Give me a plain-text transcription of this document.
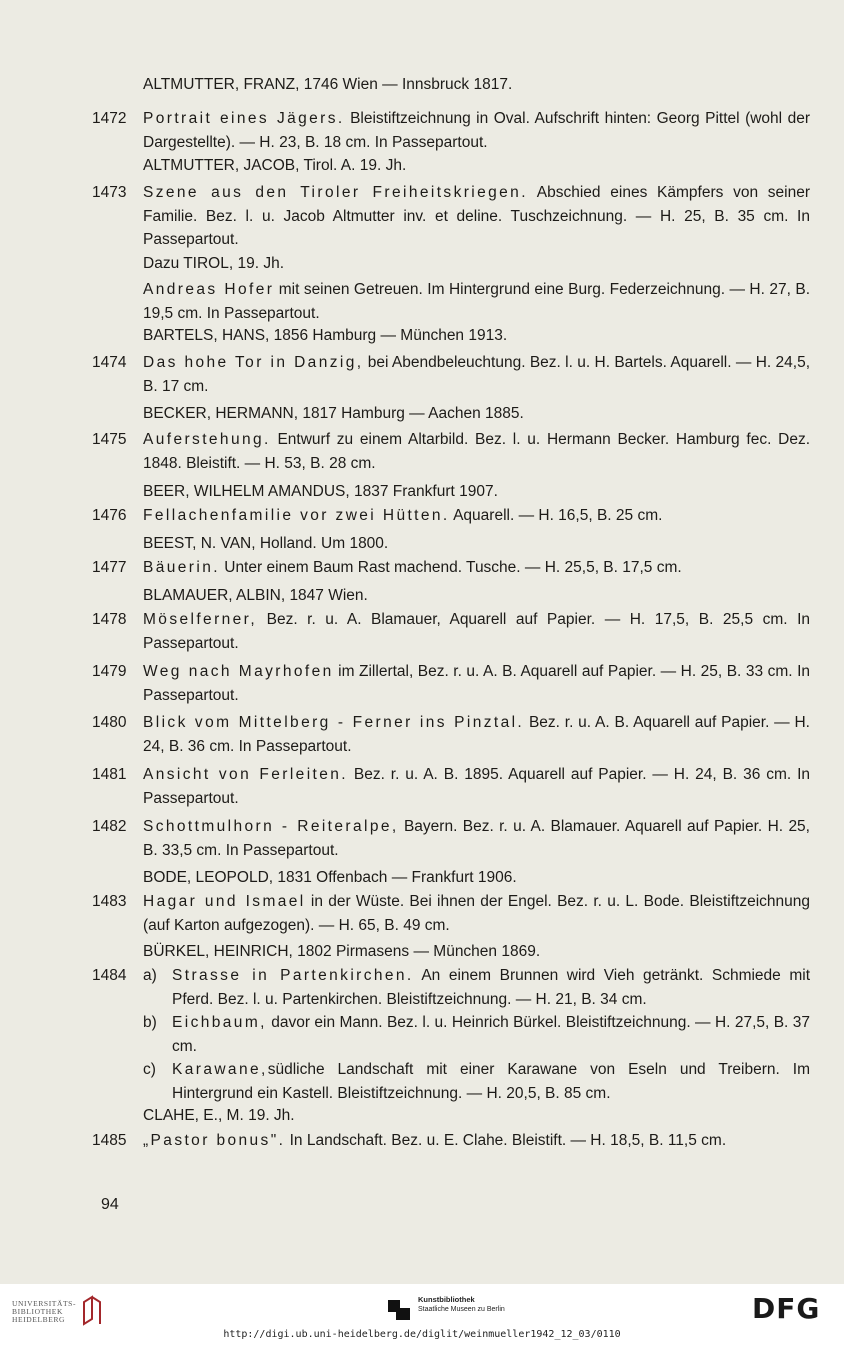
ALTMUTTER, FRANZ, 1746 Wien — Innsbruck 1817.
1472	Portrait eines Jägers. Bleistiftzeichnung in Oval. Aufschrift hinten: Georg Pittel (wohl der Dargestellte). — H. 23, B. 18 cm. In Passepartout.
ALTMUTTER, JACOB, Tirol. A. 19. Jh.
1473	Szene aus den Tiroler Freiheitskriegen. Abschied eines Kämpfers von seiner Familie. Bez. l. u. Jacob Altmutter inv. et deline. Tuschzeichnung. — H. 25, B. 35 cm. In Passepartout.
Dazu TIROL, 19. Jh.
Andreas Hofer mit seinen Getreuen. Im Hintergrund eine Burg. Federzeichnung. — H. 27, B. 19,5 cm. In Passepartout.
BARTELS, HANS, 1856 Hamburg — München 1913.
1474	Das hohe Tor in Danzig, bei Abendbeleuchtung. Bez. l. u. H. Bartels. Aquarell. — H. 24,5, B. 17 cm.
BECKER, HERMANN, 1817 Hamburg — Aachen 1885.
1475	Auferstehung. Entwurf zu einem Altarbild. Bez. l. u. Hermann Becker. Hamburg fec. Dez. 1848. Bleistift. — H. 53, B. 28 cm.
BEER, WILHELM AMANDUS, 1837 Frankfurt 1907.
1476	Fellachenfamilie vor zwei Hütten. Aquarell. — H. 16,5, B. 25 cm.
BEEST, N. VAN, Holland. Um 1800.
1477	Bäuerin. Unter einem Baum Rast machend. Tusche. — H. 25,5, B. 17,5 cm.
BLAMAUER, ALBIN, 1847 Wien.
1478	Möselferner, Bez. r. u. A. Blamauer, Aquarell auf Papier. — H. 17,5, B. 25,5 cm. In Passepartout.
1479	Weg nach Mayrhofen im Zillertal, Bez. r. u. A. B. Aquarell auf Papier. — H. 25, B. 33 cm. In Passepartout.
1480	Blick vom Mittelberg - Ferner ins Pinztal. Bez. r. u. A. B. Aquarell auf Papier. — H. 24, B. 36 cm. In Passepartout.
1481	Ansicht von Ferleiten. Bez. r. u. A. B. 1895. Aquarell auf Papier. — H. 24, B. 36 cm. In Passepartout.
1482	Schottmulhorn - Reiteralpe, Bayern. Bez. r. u. A. Blamauer. Aquarell auf Papier. H. 25, B. 33,5 cm. In Passepartout.
BODE, LEOPOLD, 1831 Offenbach — Frankfurt 1906.
1483	Hagar und Ismael in der Wüste. Bei ihnen der Engel. Bez. r. u. L. Bode. Bleistiftzeichnung (auf Karton aufgezogen). — H. 65, B. 49 cm.
BÜRKEL, HEINRICH, 1802 Pirmasens — München 1869.
1484	a) Strasse in Partenkirchen. An einem Brunnen wird Vieh getränkt. Schmiede mit Pferd. Bez. l. u. Partenkirchen. Bleistiftzeichnung. — H. 21, B. 34 cm.
b) Eichbaum, davor ein Mann. Bez. l. u. Heinrich Bürkel. Bleistiftzeichnung. — H. 27,5, B. 37 cm.
c) Karawane,südliche Landschaft mit einer Karawane von Eseln und Treibern. Im Hintergrund ein Kastell. Bleistiftzeichnung. — H. 20,5, B. 85 cm.
CLAHE, E., M. 19. Jh.
1485	„Pastor bonus". In Landschaft. Bez. u. E. Clahe. Bleistift. — H. 18,5, B. 11,5 cm.
94
UNIVERSITÄTS-
BIBLIOTHEK
HEIDELBERG
Kunstbibliothek
Staatliche Museen zu Berlin	DFG
http://digi.ub.uni-heidelberg.de/diglit/weinmueller1942_12_03/0110
